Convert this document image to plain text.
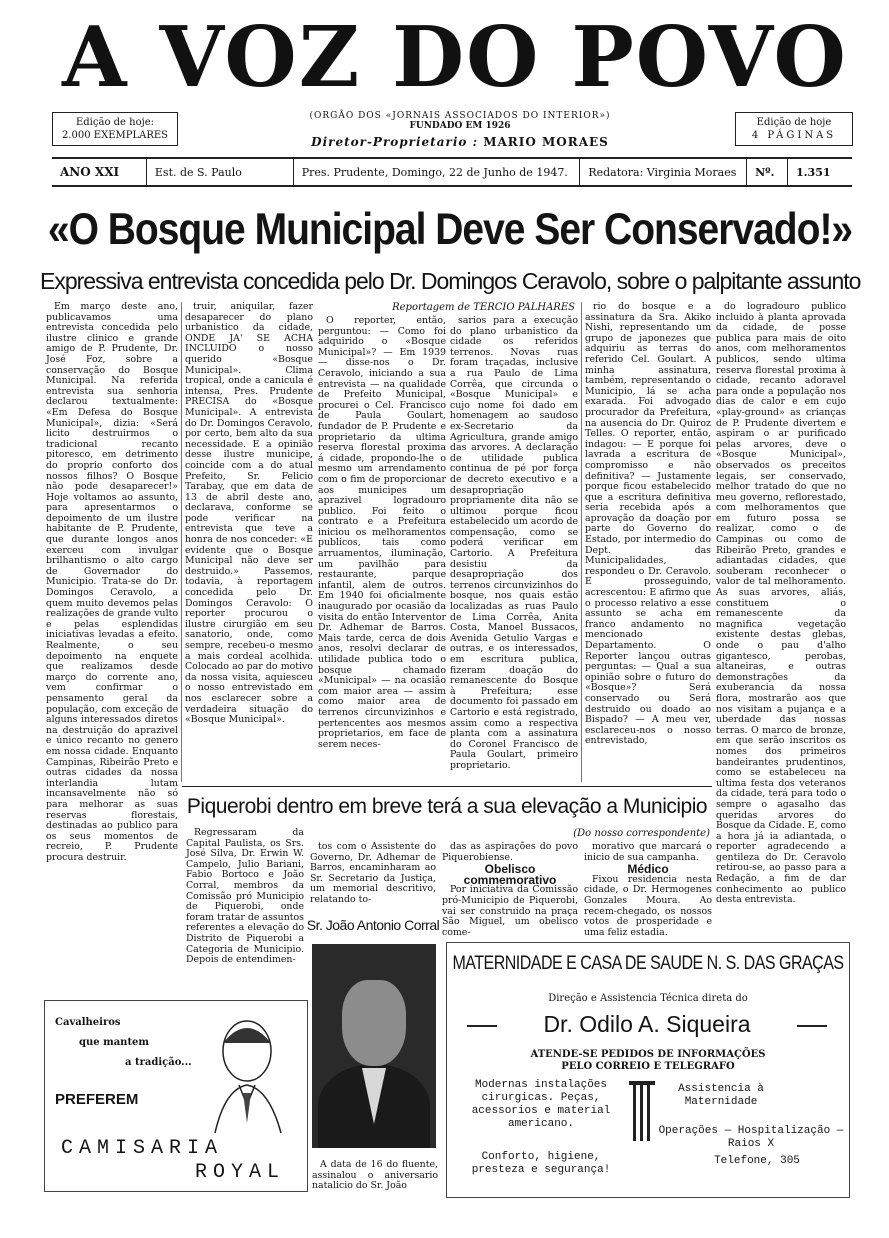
A VOZ DO POVO
Edição de hoje:
2.000 EXEMPLARES
Edição de hoje
4 PÁGINAS
(ORGÃO DOS «JORNAIS ASSOCIADOS DO INTERIOR»)
FUNDADO EM 1926
Diretor-Proprietario : MARIO MORAES
ANO XXI	Est. de S. Paulo	Pres. Prudente, Domingo, 22 de Junho de 1947.	Redatora: Virginia Moraes	Nº.	1.351
«O Bosque Municipal Deve Ser Conservado!»
Expressiva entrevista concedida pelo Dr. Domingos Ceravolo, sobre o palpitante assunto

Em março deste ano, publicavamos uma entrevista concedida pelo ilustre clinico e grande amigo de P. Prudente, Dr. José Foz, sobre a conservação do Bosque Municipal. Na referida entrevista sua senhoria declarou textualmente: «Em Defesa do Bosque Municipal», dizia: «Será licito destruirmos o tradicional recanto pitoresco, em detrimento do proprio conforto dos nossos filhos? O Bosque não pode desaparecer!» Hoje voltamos ao assunto, para apresentarmos o depoimento de um ilustre habitante de P. Prudente, que durante longos anos exerceu com invulgar brilhantismo o alto cargo de Governador do Municipio. Trata-se do Dr. Domingos Ceravolo, a quem muito devemos pelas realizações de grande vulto e pelas esplendidas iniciativas levadas a efeito. Realmente, o seu depoimento na enquete que realizamos desde março do corrente ano, vem confirmar o pensamento geral da população, com exceção de alguns interessados diretos na destruição do aprazivel e único recanto no genero em nossa cidade. Enquanto Campinas, Ribeirão Preto e outras cidades da nossa interlandia lutam incansavelmente não só para melhorar as suas reservas florestais, destinadas ao publico para os seus momentos de recreio, P. Prudente procura destruir.

truir, aniquilar, fazer desaparecer do plano urbanistico da cidade, ONDE JA' SE ACHA INCLUIDO o nosso querido «Bosque Municipal». Clima tropical, onde a canicula é intensa, Pres. Prudente PRECISA do «Bosque Municipal». A entrevista do Dr. Domingos Ceravolo, por certo, bem alto da sua necessidade. E a opinião desse ilustre municipe, coincide com a do atual Prefeito, Sr. Felicio Tarabay, que em data de 13 de abril deste ano, declarava, conforme se pode verificar na entrevista que teve a honra de nos conceder: «E evidente que o Bosque Municipal não deve ser destruido.» Passemos, todavia, à reportagem concedida pelo Dr. Domingos Ceravolo: O reporter procurou o ilustre cirurgião em seu sanatorio, onde, como sempre, recebeu-o mesmo a mais cordeal acolhida. Colocado ao par do motivo da nossa visita, aquiesceu o nosso entrevistado em nos esclarecer sobre a verdadeira situação do «Bosque Municipal».

Reportagem de TERCIO PALHARES

O reporter, então, perguntou: — Como foi adquirido o «Bosque Municipal»? — Em 1939 — disse-nos o Dr. Ceravolo, iniciando a sua entrevista — na qualidade de Prefeito Municipal, procurei o Cel. Francisco de Paula Goulart, fundador de P. Prudente e proprietario da ultima reserva florestal proxima á cidade, propondo-lhe o mesmo um arrendamento com o fim de proporcionar aos municipes um aprazivel logradouro publico. Foi feito o contrato e a Prefeitura iniciou os melhoramentos publicos, tais como arruamentos, iluminação, um pavilhão para restaurante, parque infantil, alem de outros. Em 1940 foi oficialmente inaugurado por ocasião da visita do então Interventor Dr. Adhemar de Barros. Mais tarde, cerca de dois anos, resolvi declarar de utilidade publica todo o bosque chamado «Municipal» — na ocasião com maior area — assim como maior area de terrenos circunvizinhos e pertencentes aos mesmos proprietarios, em face de serem neces-

sarios para a execução do plano urbanistico da cidade os referidos terrenos. Novas ruas foram traçadas, inclusive a rua Paulo de Lima Corrêa, que circunda o «Bosque Municipal» e cujo nome foi dado em homenagem ao saudoso ex-Secretario da Agricultura, grande amigo das arvores. A declaração de utilidade publica continua de pé por força de decreto executivo e a desapropriação propriamente dita não se ultimou porque ficou estabelecido um acordo de compensação, como se poderá verificar em Cartorio. A Prefeitura desistiu da desapropriação dos terrenos circunvizinhos do bosque, nos quais estão localizadas as ruas Paulo de Lima Corrêa, Anita Costa, Manoel Bussacos, Avenida Getulio Vargas e outras, e os interessados, em escritura publica, fizeram doação do remanescente do Bosque à Prefeitura; esse documento foi passado em Cartorio e está registrado, assim como a respectiva planta com a assinatura do Coronel Francisco de Paula Goulart, primeiro proprietario.

rio do bosque e a assinatura da Sra. Akiko Nishi, representando um grupo de japonezes que adquiriu as terras do referido Cel. Goulart. A minha assinatura, também, representando o Municipio, lá se acha exarada. Foi advogado procurador da Prefeitura, na ausencia do Dr. Quiroz Telles. O reporter, então, indagou: — E porque foi lavrada a escritura de compromisso e não definitiva? — Justamente porque ficou estabelecido que a escritura definitiva seria recebida após a aprovação da doação por parte do Governo do Estado, por intermedio do Dept. das Municipalidades, respondeu o Dr. Ceravolo. E prosseguindo, acrescentou: E afirmo que o processo relativo a esse assunto se acha em franco andamento no mencionado Departamento. O Reporter lançou outras perguntas: — Qual a sua opinião sobre o futuro do «Bosque»? Será conservado ou Será destruido ou doado ao Bispado? — A meu ver, esclareceu-nos o nosso entrevistado,

do logradouro publico incluido à planta aprovada da cidade, de posse publica para mais de oito anos, com melhoramentos publicos, sendo ultima reserva florestal proxima à cidade, recanto adoravel para onde a população nos dias de calor e em cujo «play-ground» as crianças de P. Prudente divertem e aspiram o ar purificado pelas arvores, deve o «Bosque Municipal», observados os preceitos legais, ser conservado, melhor tratado do que no meu governo, reflorestado, com melhoramentos que em futuro possa se realizar, como o de Campinas ou como de Ribeirão Preto, grandes e adiantadas cidades, que souberam reconhecer o valor de tal melhoramento. As suas arvores, aliás, constituem o remanescente da magnifica vegetação existente destas glebas, onde o pau d'alho gigantesco, perobas, altaneiras, e outras demonstrações da exuberancia da nossa flora, mostrarão aos que nos visitam a pujança e a uberdade das nossas terras. O marco de bronze, em que serão inscritos os nomes dos primeiros bandeirantes prudentinos, como se estabeleceu na ultima festa dos veteranos da cidade, terá para todo o sempre o agasalho das queridas arvores do Bosque da Cidade. E, como a hora já ia adiantada, o reporter agradecendo a gentileza do Dr. Ceravolo retirou-se, ao passo para a Redação, a fim de dar conhecimento ao publico desta entrevista.

Piquerobi dentro em breve terá a sua elevação a Municipio
(Do nosso correspondente)

Regressaram da Capital Paulista, os Srs. José Silva, Dr. Erwin W. Campelo, Julio Bariani, Fabio Bortoco e João Corral, membros da Comissão pró Municipio de Piquerobi, onde foram tratar de assuntos referentes a elevação do Distrito de Piquerobi a Categoria de Municipio. Depois de entendimen-

tos com o Assistente do Governo, Dr. Adhemar de Barros, encaminharam ao Sr. Secretario da Justiça, um memorial descritivo, relatando to-

das as aspirações do povo Piquerobiense.

Obelisco commemorativo

Por iniciativa da Comissão pró-Municipio de Piquerobi, vai ser construido na praça São Miguel, um obelisco come-

morativo que marcará o inicio de sua campanha.

Médico

Fixou residencia nesta cidade, o Dr. Hermogenes Gonzales Moura. Ao recem-chegado, os nossos votos de prosperidade e uma feliz estadia.

Sr. João Antonio Corral

A data de 16 do fluente, assinalou o aniversario natalicio do Sr. João

Cavalheiros
que mantem
a tradição...
PREFEREM
CAMISARIA
ROYAL
MATERNIDADE E CASA DE SAUDE N. S. DAS GRAÇAS
Direção e Assistencia Técnica direta do
Dr. Odilo A. Siqueira
ATENDE-SE PEDIDOS DE INFORMAÇÕES
PELO CORREIO E TELEGRAFO
Modernas instalações cirurgicas. Peças, acessorios e material americano.
Conforto, higiene, presteza e segurança!
Assistencia à Maternidade
Operações — Hospitalização — Raios X
Telefone, 305
